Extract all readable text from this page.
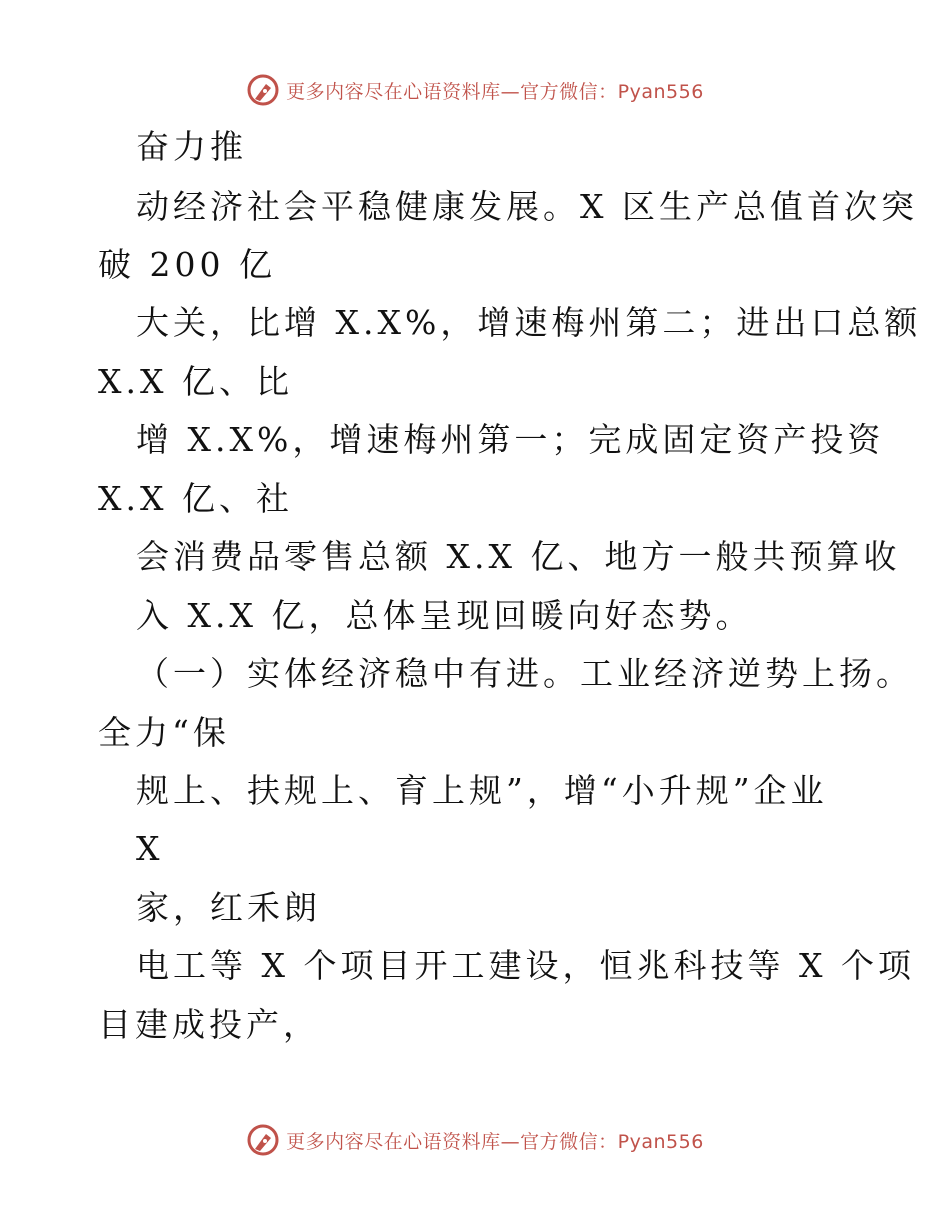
更多内容尽在心语资料库—官方微信：Pyan556
奋力推
动经济社会平稳健康发展。X 区生产总值首次突
破 200 亿
大关，比增 X.X%，增速梅州第二；进出口总额
X.X 亿、比
增 X.X%，增速梅州第一；完成固定资产投资
X.X 亿、社
会消费品零售总额 X.X 亿、地方一般共预算收
入 X.X 亿，总体呈现回暖向好态势。
（一）实体经济稳中有进。工业经济逆势上扬。
全力“保
规上、扶规上、育上规”，增“小升规”企业
X
家，红禾朗
电工等 X 个项目开工建设，恒兆科技等 X 个项
目建成投产，
更多内容尽在心语资料库—官方微信：Pyan556
